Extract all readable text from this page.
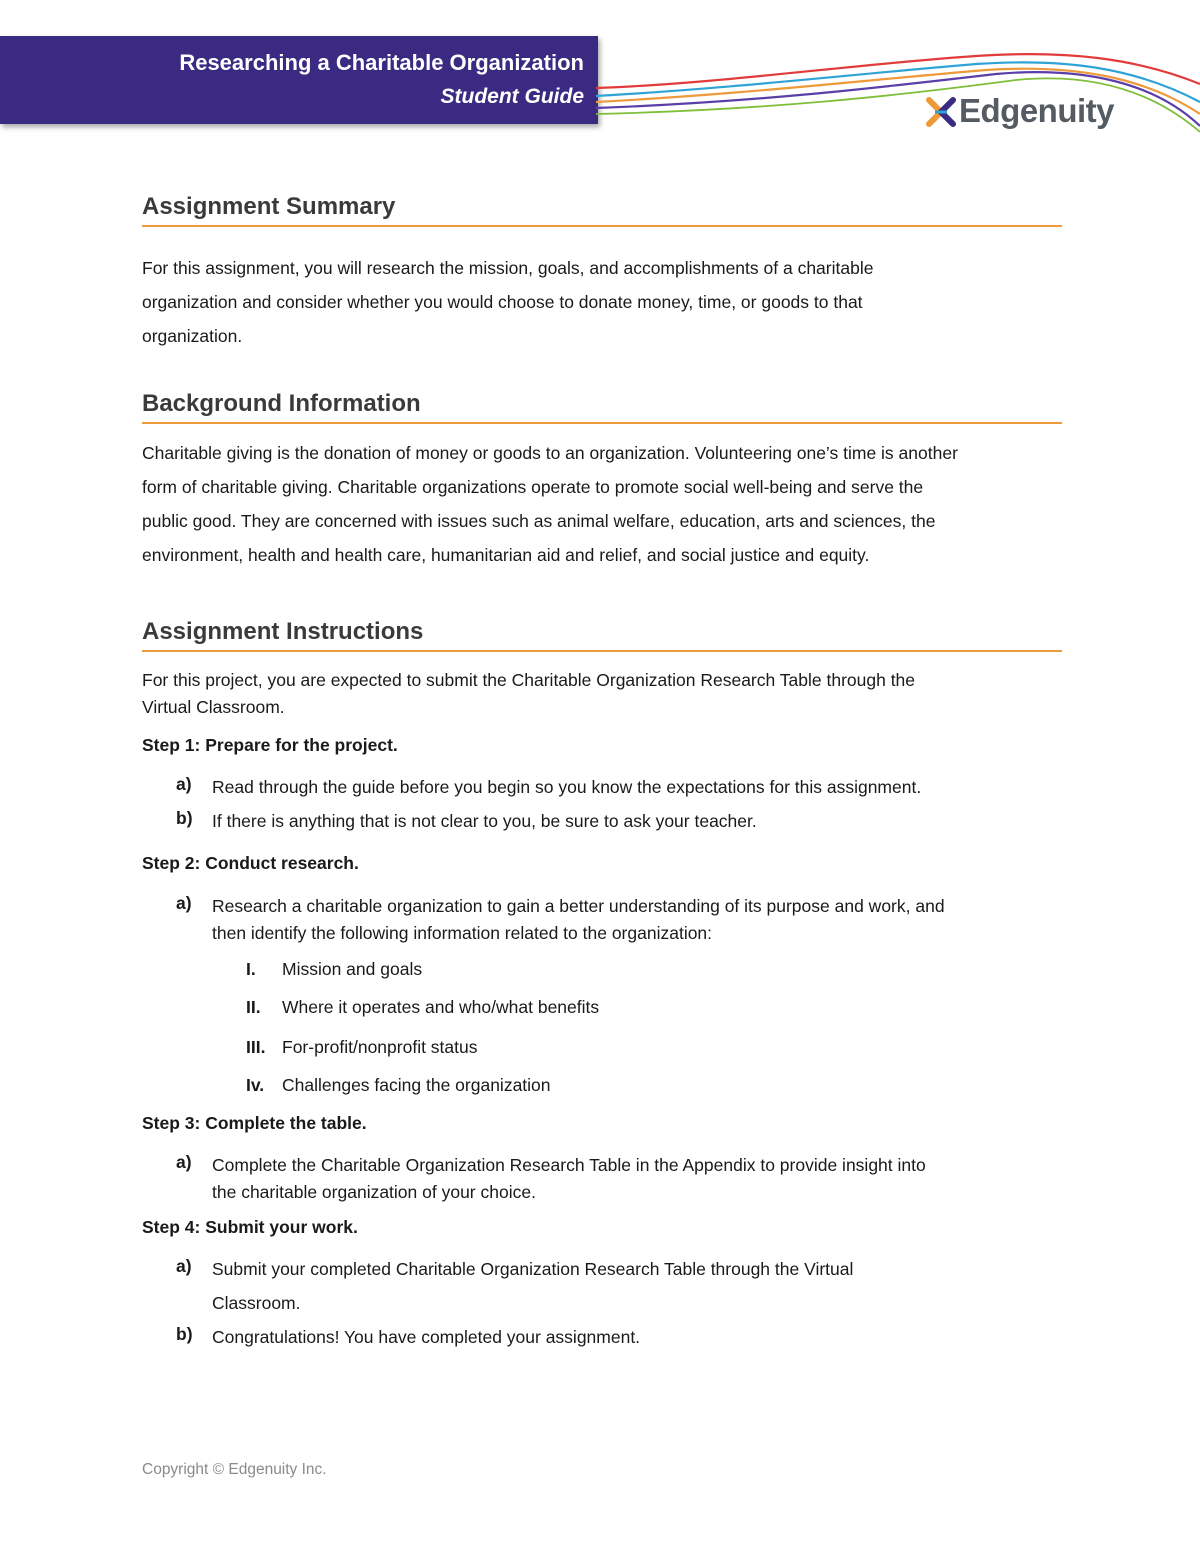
Researching a Charitable Organization
Student Guide	Edgenuity
Assignment Summary
For this assignment, you will research the mission, goals, and accomplishments of a charitable
organization and consider whether you would choose to donate money, time, or goods to that
organization.
Background Information
Charitable giving is the donation of money or goods to an organization. Volunteering one’s time is another
form of charitable giving. Charitable organizations operate to promote social well-being and serve the
public good. They are concerned with issues such as animal welfare, education, arts and sciences, the
environment, health and health care, humanitarian aid and relief, and social justice and equity.
Assignment Instructions
For this project, you are expected to submit the Charitable Organization Research Table through the
Virtual Classroom.
Step 1: Prepare for the project.
a) Read through the guide before you begin so you know the expectations for this assignment.
b) If there is anything that is not clear to you, be sure to ask your teacher.
Step 2: Conduct research.
a) Research a charitable organization to gain a better understanding of its purpose and work, and
then identify the following information related to the organization:
I. Mission and goals
II. Where it operates and who/what benefits
III. For-profit/nonprofit status
Iv. Challenges facing the organization
Step 3: Complete the table.
a) Complete the Charitable Organization Research Table in the Appendix to provide insight into
the charitable organization of your choice.
Step 4: Submit your work.
a) Submit your completed Charitable Organization Research Table through the Virtual
Classroom.
b) Congratulations! You have completed your assignment.
Copyright © Edgenuity Inc.
